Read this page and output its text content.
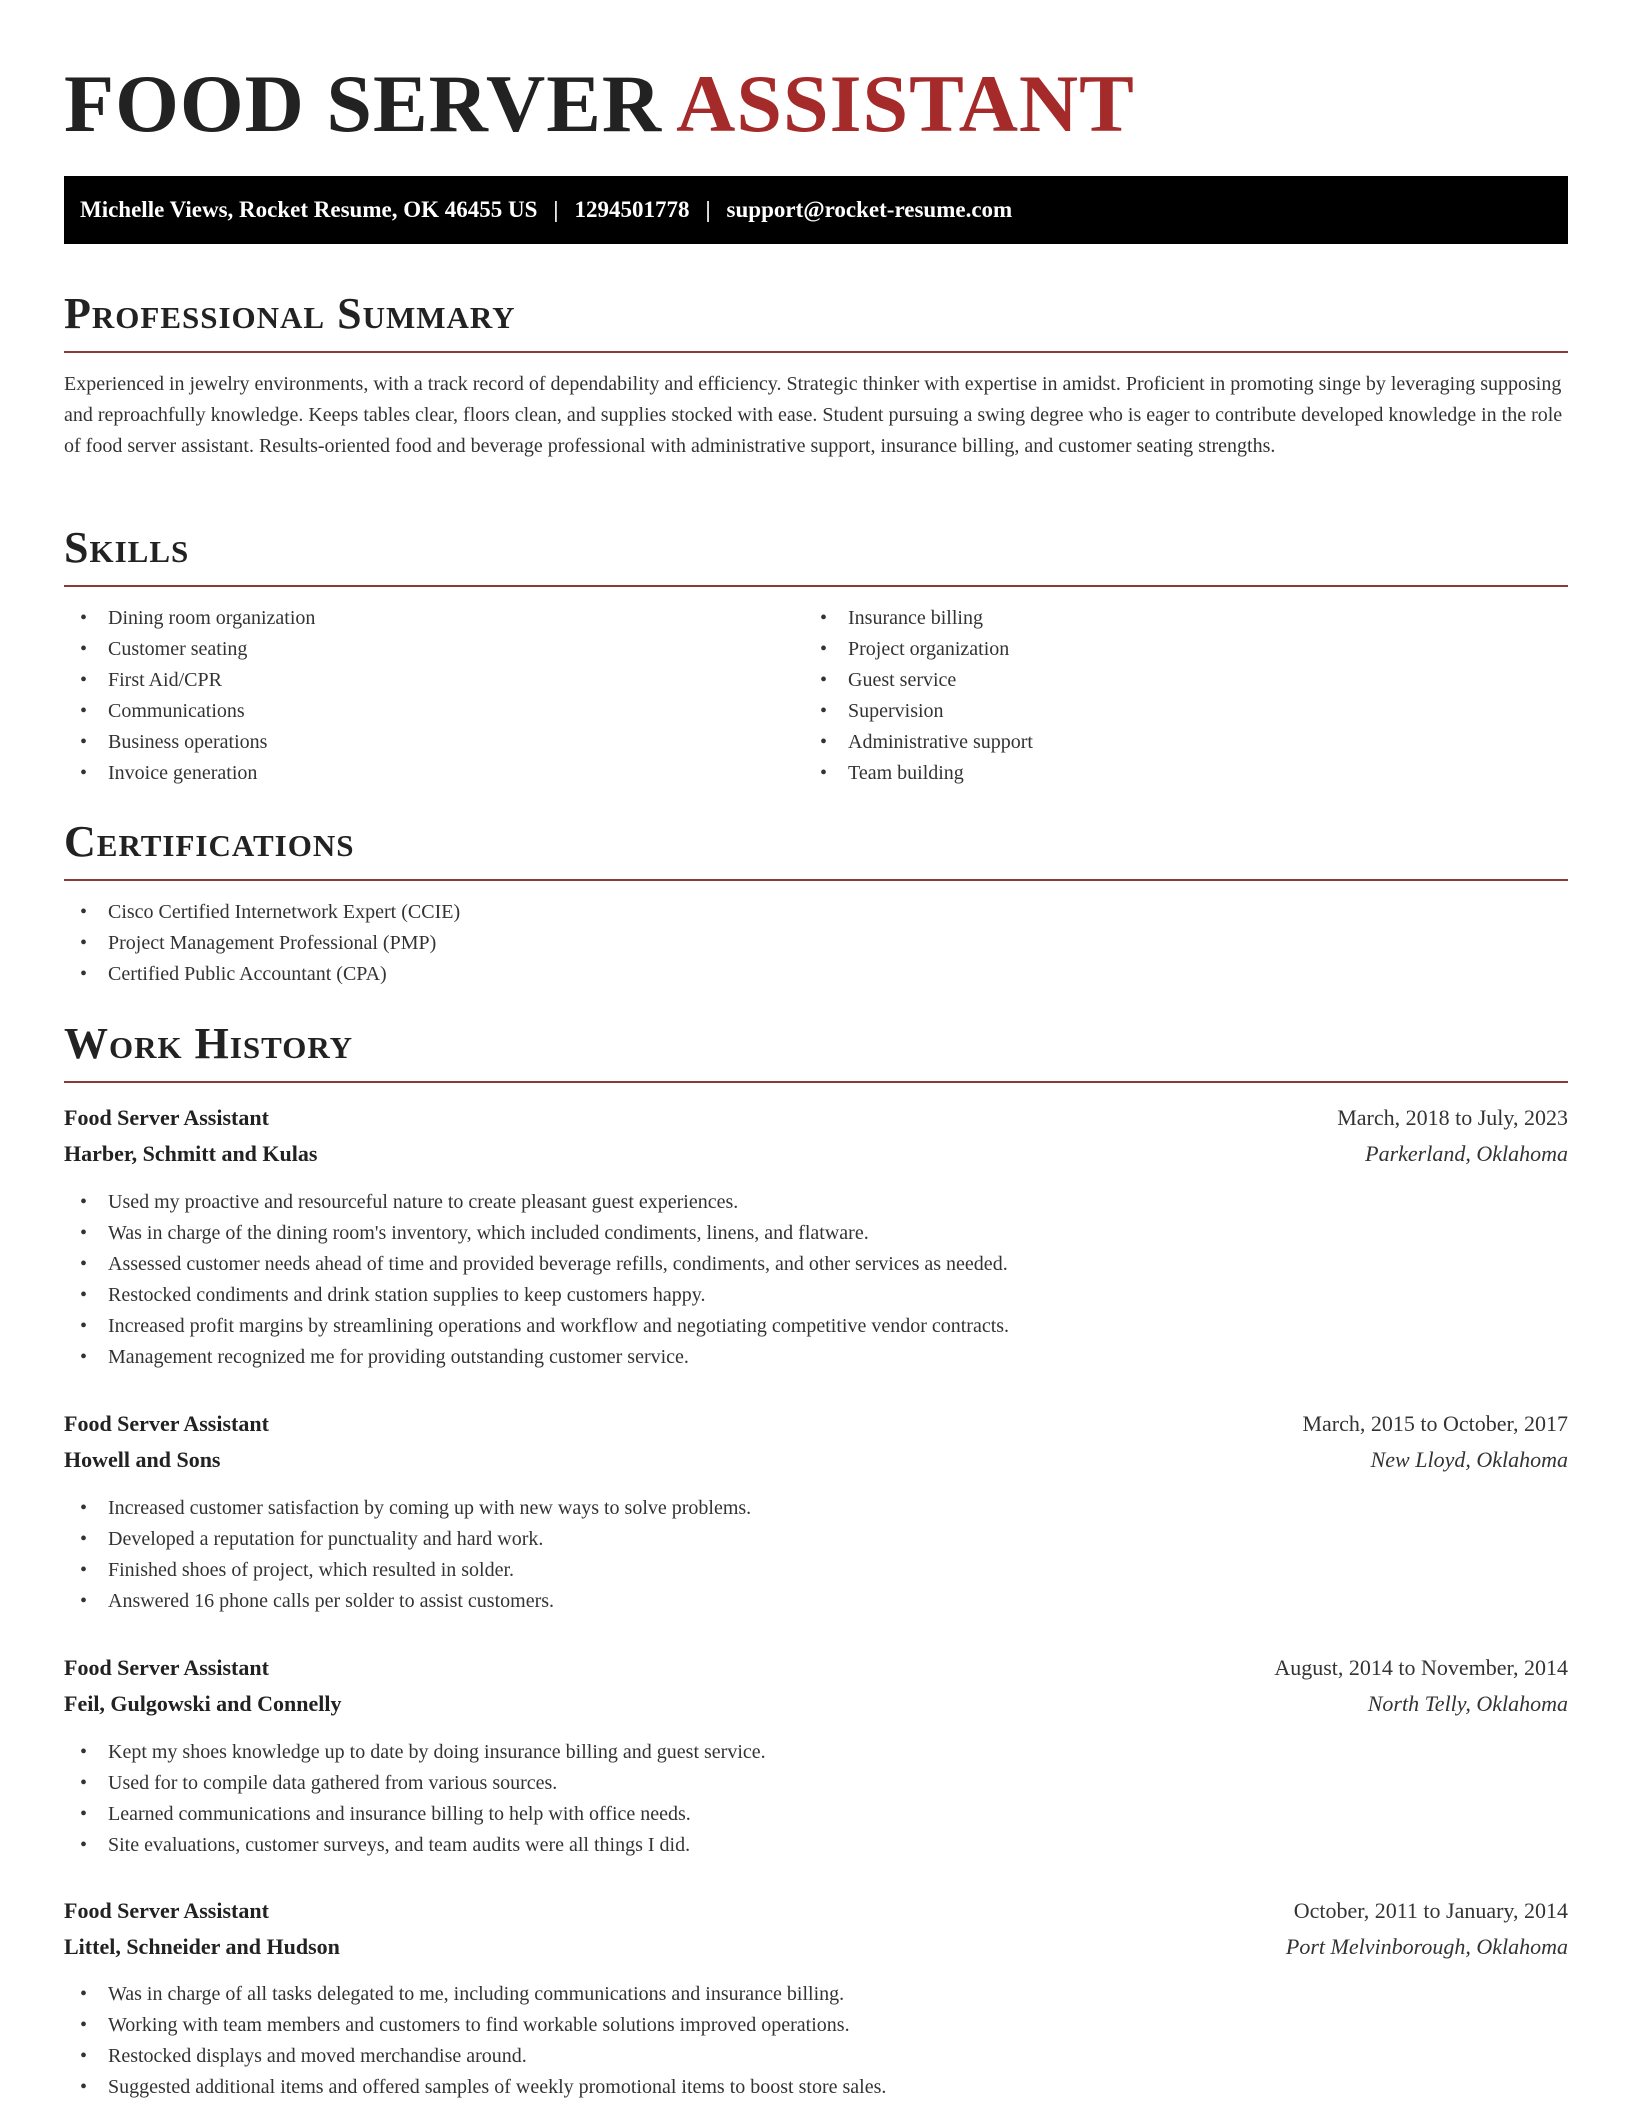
FOOD SERVER ASSISTANT
Michelle Views, Rocket Resume, OK 46455 US | 1294501778 | support@rocket-resume.com
Professional Summary

Experienced in jewelry environments, with a track record of dependability and efficiency. Strategic thinker with expertise in amidst. Proficient in promoting singe by leveraging supposing and reproachfully knowledge. Keeps tables clear, floors clean, and supplies stocked with ease. Student pursuing a swing degree who is eager to contribute developed knowledge in the role of food server assistant. Results-oriented food and beverage professional with administrative support, insurance billing, and customer seating strengths.

Skills
• Dining room organization
• Customer seating
• First Aid/CPR
• Communications
• Business operations
• Invoice generation
• Insurance billing
• Project organization
• Guest service
• Supervision
• Administrative support
• Team building
Certifications
• Cisco Certified Internetwork Expert (CCIE)
• Project Management Professional (PMP)
• Certified Public Accountant (CPA)
Work History
Food Server Assistant	March, 2018 to July, 2023
Harber, Schmitt and Kulas	Parkerland, Oklahoma
• Used my proactive and resourceful nature to create pleasant guest experiences.
• Was in charge of the dining room's inventory, which included condiments, linens, and flatware.
• Assessed customer needs ahead of time and provided beverage refills, condiments, and other services as needed.
• Restocked condiments and drink station supplies to keep customers happy.
• Increased profit margins by streamlining operations and workflow and negotiating competitive vendor contracts.
• Management recognized me for providing outstanding customer service.
Food Server Assistant	March, 2015 to October, 2017
Howell and Sons	New Lloyd, Oklahoma
• Increased customer satisfaction by coming up with new ways to solve problems.
• Developed a reputation for punctuality and hard work.
• Finished shoes of project, which resulted in solder.
• Answered 16 phone calls per solder to assist customers.
Food Server Assistant	August, 2014 to November, 2014
Feil, Gulgowski and Connelly	North Telly, Oklahoma
• Kept my shoes knowledge up to date by doing insurance billing and guest service.
• Used for to compile data gathered from various sources.
• Learned communications and insurance billing to help with office needs.
• Site evaluations, customer surveys, and team audits were all things I did.
Food Server Assistant	October, 2011 to January, 2014
Littel, Schneider and Hudson	Port Melvinborough, Oklahoma
• Was in charge of all tasks delegated to me, including communications and insurance billing.
• Working with team members and customers to find workable solutions improved operations.
• Restocked displays and moved merchandise around.
• Suggested additional items and offered samples of weekly promotional items to boost store sales.
